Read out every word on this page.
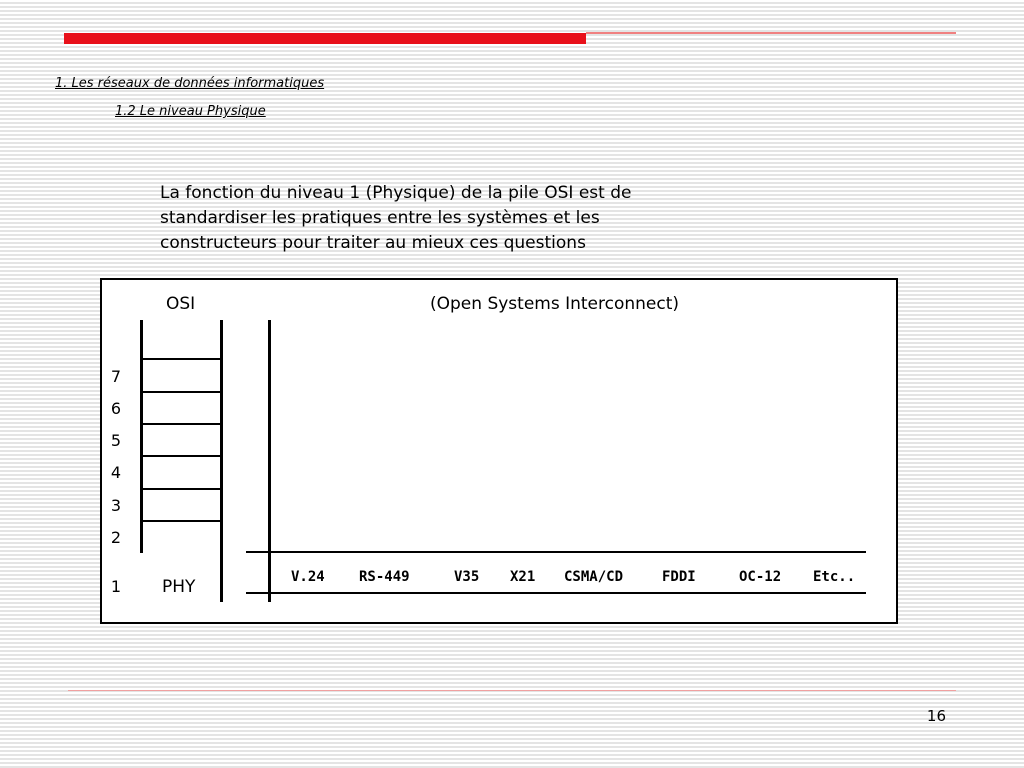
1. Les réseaux de données informatiques
1.2 Le niveau Physique
La fonction du niveau 1 (Physique) de la pile OSI est de standardiser les pratiques entre les systèmes et les constructeurs pour traiter au mieux ces questions
OSI	(Open Systems Interconnect)
7
6
5
4
3
2
1 PHY	V.24 RS-449	V35 X21 CSMA/CD	FDDI	OC-12 Etc..
16
